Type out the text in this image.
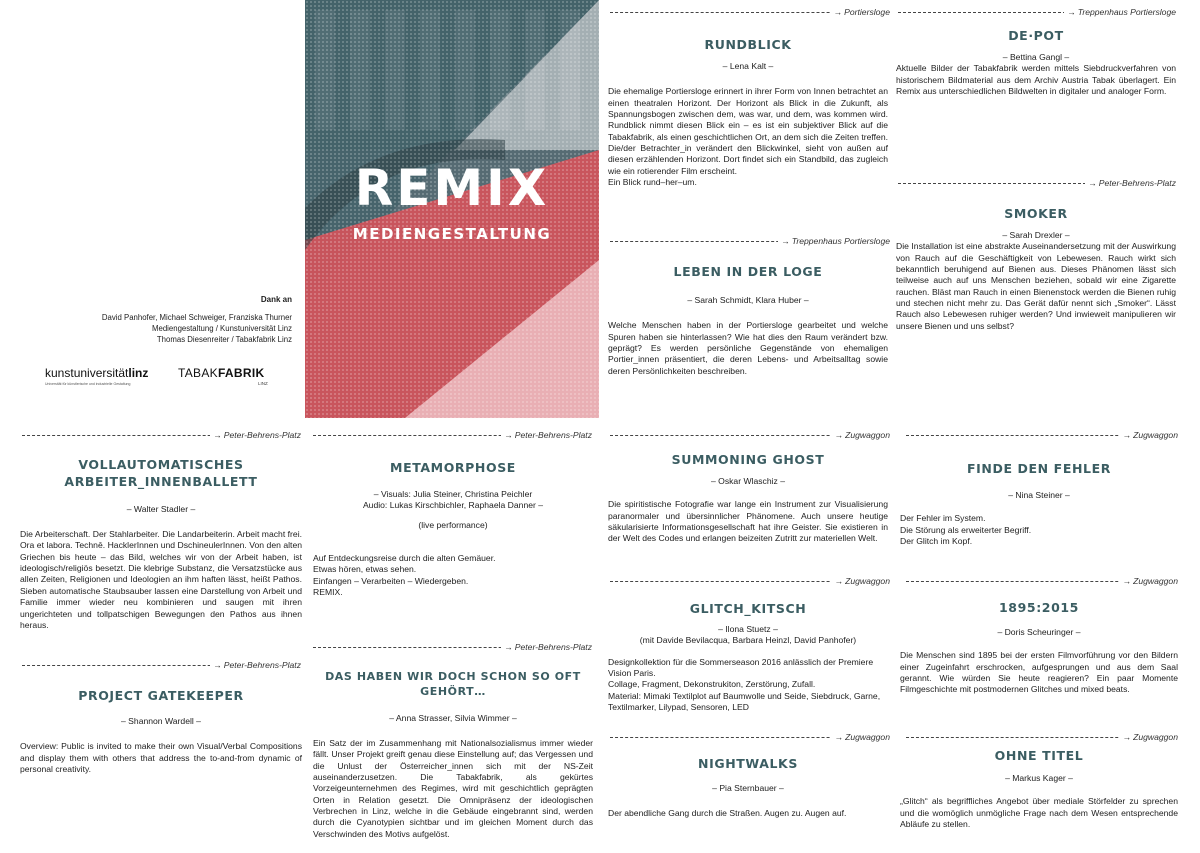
REMIX
MEDIENGESTALTUNG
Dank an
David Panhofer, Michael Schweiger, Franziska Thurner
Mediengestaltung / Kunstuniversität Linz
Thomas Diesenreiter / Tabakfabrik Linz
kunstuniversitätlinz
Universität für künstlerische und industrielle Gestaltung
TABAKFABRIK
LINZ
→ Portiersloge	→ Treppenhaus Portiersloge
→ Peter-Behrens-Platz
→ Treppenhaus Portiersloge
→ Peter-Behrens-Platz	→ Peter-Behrens-Platz	→ Zugwaggon	→ Zugwaggon
→ Zugwaggon	→ Zugwaggon
→ Peter-Behrens-Platz
→ Peter-Behrens-Platz
→ Zugwaggon	→ Zugwaggon
RUNDBLICK
– Lena Kalt –

Die ehemalige Portiersloge erinnert in ihrer Form von Innen betrachtet an einen theatralen Horizont. Der Horizont als Blick in die Zukunft, als Spannungsbogen zwischen dem, was war, und dem, was kommen wird. Rundblick nimmt diesen Blick ein – es ist ein subjektiver Blick auf die Tabakfabrik, als einen geschichtlichen Ort, an dem sich die Zeiten treffen. Die/der Betrachter_in verändert den Blickwinkel, sieht von außen auf diesen erzählenden Horizont. Dort findet sich ein Standbild, das zugleich wie ein rotierender Film erscheint.

Ein Blick rund–her–um.

DE·POT
– Bettina Gangl –

Aktuelle Bilder der Tabakfabrik werden mittels Siebdruckverfahren von historischem Bildmaterial aus dem Archiv Austria Tabak überlagert. Ein Remix aus unterschiedlichen Bildwelten in digitaler und analoger Form.

LEBEN IN DER LOGE
– Sarah Schmidt, Klara Huber –

Welche Menschen haben in der Portiersloge gearbeitet und welche Spuren haben sie hinterlassen? Wie hat dies den Raum verändert bzw. geprägt? Es werden persönliche Gegenstände von ehemaligen Portier_innen präsentiert, die deren Lebens- und Arbeitsalltag sowie deren Persönlichkeiten beschreiben.

SMOKER
– Sarah Drexler –

Die Installation ist eine abstrakte Auseinandersetzung mit der Auswirkung von Rauch auf die Geschäftigkeit von Lebewesen. Rauch wirkt sich bekanntlich beruhigend auf Bienen aus. Dieses Phänomen lässt sich teilweise auch auf uns Menschen beziehen, sobald wir eine Zigarette rauchen. Bläst man Rauch in einen Bienenstock werden die Bienen ruhig und stechen nicht mehr zu. Das Gerät dafür nennt sich „Smoker“. Lässt Rauch also Lebewesen ruhiger werden? Und inwieweit manipulieren wir unsere Bienen und uns selbst?

VOLLAUTOMATISCHES ARBEITER_INNENBALLETT
– Walter Stadler –

Die Arbeiterschaft. Der Stahlarbeiter. Die Landarbeiterin. Arbeit macht frei. Ora et labora. Technē. HacklerInnen und DschineulerInnen. Von den alten Griechen bis heute – das Bild, welches wir von der Arbeit haben, ist ideologisch/religiös besetzt. Die klebrige Substanz, die Versatzstücke aus allen Zeiten, Religionen und Ideologien an ihm haften lässt, heißt Pathos. Sieben automatische Staubsauber lassen eine Darstellung von Arbeit und Familie immer wieder neu kombinieren und saugen mit ihren ungerichteten und tollpatschigen Bewegungen den Pathos aus ihnen heraus.

METAMORPHOSE
– Visuals: Julia Steiner, Christina Peichler
Audio: Lukas Kirschbichler, Raphaela Danner –
(live performance)

Auf Entdeckungsreise durch die alten Gemäuer.

Etwas hören, etwas sehen.

Einfangen – Verarbeiten – Wiedergeben.

REMIX.

SUMMONING GHOST
– Oskar Wlaschiz –

Die spiritistische Fotografie war lange ein Instrument zur Visualisierung paranormaler und übersinnlicher Phänomene. Auch unsere heutige säkularisierte Informationsgesellschaft hat ihre Geister. Sie existieren in der Welt des Codes und erlangen beizeiten Zutritt zur materiellen Welt.

FINDE DEN FEHLER
– Nina Steiner –

Der Fehler im System.

Die Störung als erweiterter Begriff.

Der Glitch im Kopf.

GLITCH_KITSCH
– Ilona Stuetz –
(mit Davide Bevilacqua, Barbara Heinzl, David Panhofer)

Designkollektion für die Sommerseason 2016 anlässlich der Premiere Vision Paris.

Collage, Fragment, Dekonstrukiton, Zerstörung, Zufall.

Material: Mimaki Textilplot auf Baumwolle und Seide, Siebdruck, Garne, Textilmarker, Lilypad, Sensoren, LED

1895:2015
– Doris Scheuringer –

Die Menschen sind 1895 bei der ersten Filmvorführung vor den Bildern einer Zugeinfahrt erschrocken, aufgesprungen und aus dem Saal gerannt. Wie würden Sie heute reagieren? Ein paar Momente Filmgeschichte mit postmodernen Glitches und mixed beats.

PROJECT GATEKEEPER
– Shannon Wardell –

Overview: Public is invited to make their own Visual/Verbal Compositions and display them with others that address the to-and-from dynamic of personal creativity.

DAS HABEN WIR DOCH SCHON SO OFT GEHÖRT…
– Anna Strasser, Silvia Wimmer –

Ein Satz der im Zusammenhang mit Nationalsozialismus immer wieder fällt. Unser Projekt greift genau diese Einstellung auf; das Vergessen und die Unlust der Österreicher_innen sich mit der NS-Zeit auseinanderzusetzen. Die Tabakfabrik, als gekürtes Vorzeigeunternehmen des Regimes, wird mit geschichtlich geprägten Orten in Relation gesetzt. Die Omnipräsenz der ideologischen Verbrechen in Linz, welche in die Gebäude eingebrannt sind, werden durch die Cyanotypien sichtbar und im gleichen Moment durch das Verschwinden des Motivs aufgelöst.

NIGHTWALKS
– Pia Sternbauer –

Der abendliche Gang durch die Straßen. Augen zu. Augen auf.

OHNE TITEL
– Markus Kager –

„Glitch“ als begriffliches Angebot über mediale Störfelder zu sprechen und die womöglich unmögliche Frage nach dem Wesen entsprechende Abläufe zu stellen.
